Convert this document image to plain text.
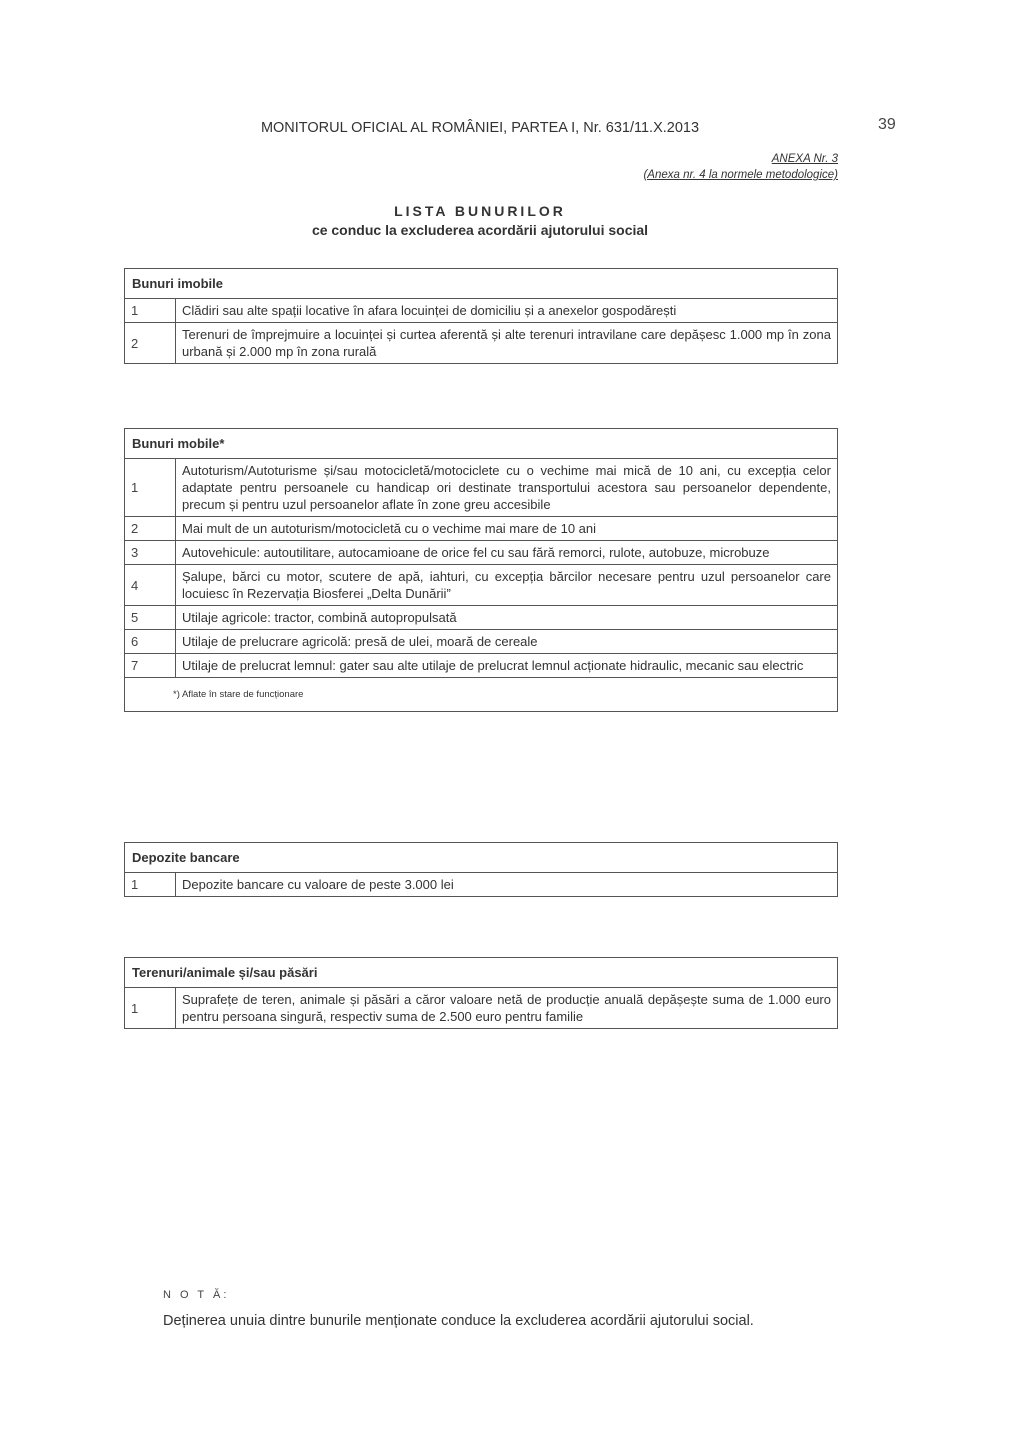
MONITORUL OFICIAL AL ROMÂNIEI, PARTEA I, Nr. 631/11.X.2013	39
ANEXA Nr. 3
(Anexa nr. 4 la normele metodologice)
LISTA BUNURILOR
ce conduc la excluderea acordării ajutorului social
Bunuri imobile	
1	Clădiri sau alte spații locative în afara locuinței de domiciliu și a anexelor gospodărești
2	Terenuri de împrejmuire a locuinței și curtea aferentă și alte terenuri intravilane care depășesc 1.000 mp în zona urbană și 2.000 mp în zona rurală
Bunuri mobile*	
1	Autoturism/Autoturisme și/sau motocicletă/motociclete cu o vechime mai mică de 10 ani, cu excepția celor adaptate pentru persoanele cu handicap ori destinate transportului acestora sau persoanelor dependente, precum și pentru uzul persoanelor aflate în zone greu accesibile
2	Mai mult de un autoturism/motocicletă cu o vechime mai mare de 10 ani
3	Autovehicule: autoutilitare, autocamioane de orice fel cu sau fără remorci, rulote, autobuze, microbuze
4	Șalupe, bărci cu motor, scutere de apă, iahturi, cu excepția bărcilor necesare pentru uzul persoanelor care locuiesc în Rezervația Biosferei „Delta Dunării”
5	Utilaje agricole: tractor, combină autopropulsată
6	Utilaje de prelucrare agricolă: presă de ulei, moară de cereale
7	Utilaje de prelucrat lemnul: gater sau alte utilaje de prelucrat lemnul acționate hidraulic, mecanic sau electric
*) Aflate în stare de funcționare	
Depozite bancare
1	Depozite bancare cu valoare de peste 3.000 lei
Terenuri/animale și/sau păsări
1	Suprafețe de teren, animale și păsări a căror valoare netă de producție anuală depășește suma de 1.000 euro pentru persoana singură, respectiv suma de 2.500 euro pentru familie
N O T Ă:
Deținerea unuia dintre bunurile menționate conduce la excluderea acordării ajutorului social.
